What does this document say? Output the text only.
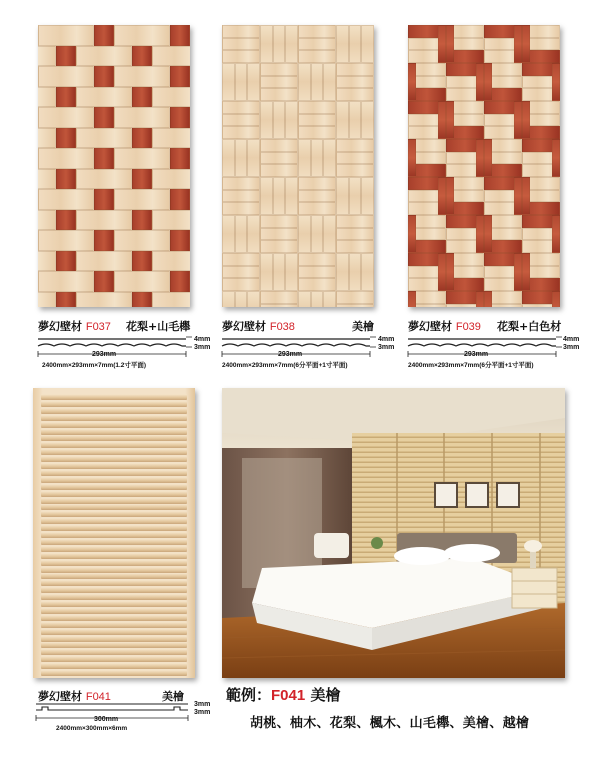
夢幻壁材 F037 花梨+山毛櫸	夢幻壁材 F038	美檜	夢幻壁材 F039 花梨+白色材
4mm
3mm
293mm
2400mm×293mm×7mm(1.2寸平面)
4mm
3mm
293mm
2400mm×293mm×7mm(6分平面+1寸平面)
4mm
3mm
293mm
2400mm×293mm×7mm(6分平面+1寸平面)
夢幻壁材 F041	美檜
3mm
3mm
300mm
2400mm×300mm×6mm
範例：F041 美檜
胡桃、柚木、花梨、楓木、山毛櫸、美檜、越檜
